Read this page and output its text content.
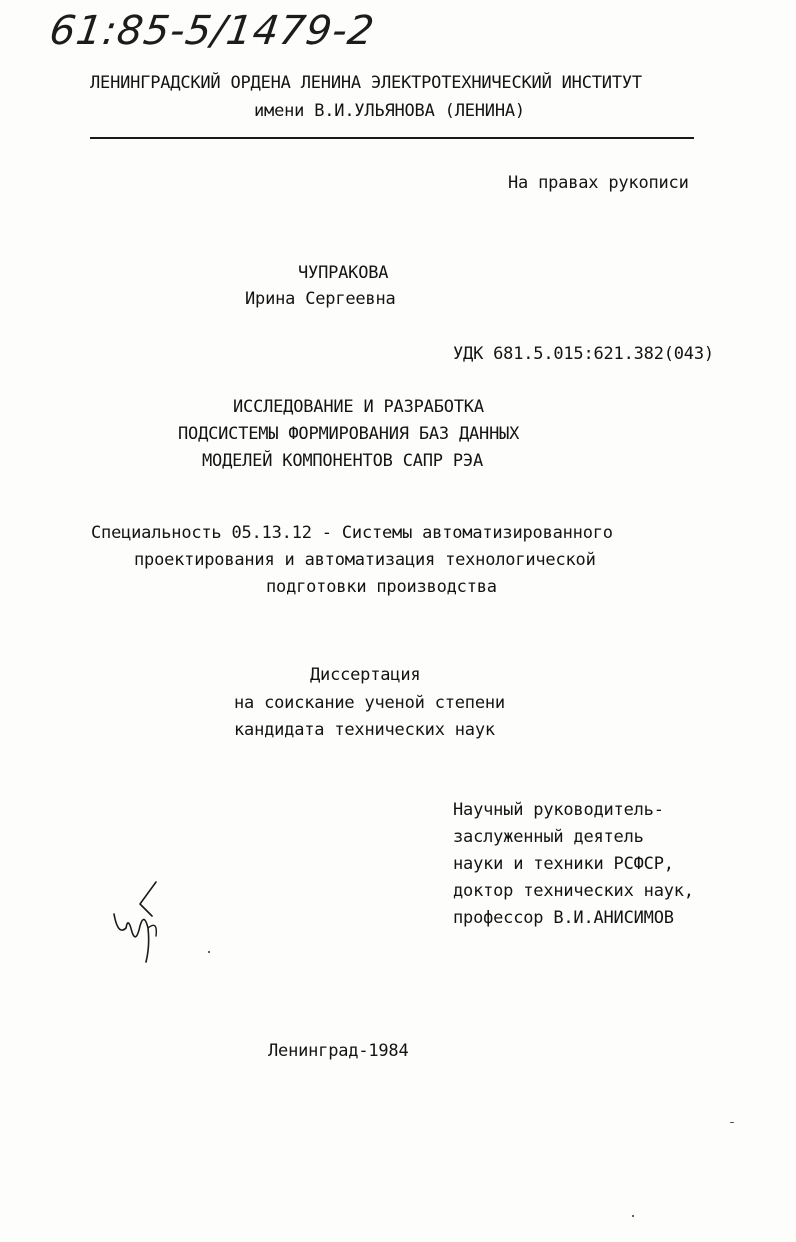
61:85-5/1479-2
ЛЕНИНГРАДСКИЙ ОРДЕНА ЛЕНИНА ЭЛЕКТРОТЕХНИЧЕСКИЙ ИНСТИТУТ
имени В.И.УЛЬЯНОВА (ЛЕНИНА)
На правах рукописи
ЧУПРАКОВА
Ирина Сергеевна
УДК 681.5.015:621.382(043)
ИССЛЕДОВАНИЕ И РАЗРАБОТКА
ПОДСИСТЕМЫ ФОРМИРОВАНИЯ БАЗ ДАННЫХ
МОДЕЛЕЙ КОМПОНЕНТОВ САПР РЭА
Специальность 05.13.12 - Системы автоматизированного
проектирования и автоматизация технологической
подготовки производства
Диссертация
на соискание ученой степени
кандидата технических наук
Научный руководитель-
заслуженный деятель
науки и техники РСФСР,
доктор технических наук,
профессор В.И.АНИСИМОВ
Ленинград-1984
